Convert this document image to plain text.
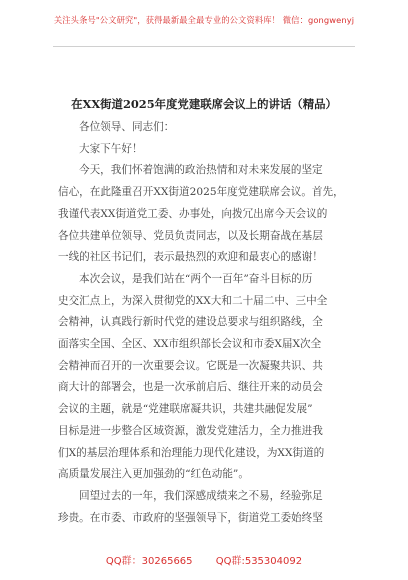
关注头条号"公文研究"，获得最新最全最专业的公文资料库！ 微信：gongwenyj
在XX街道2025年度党建联席会议上的讲话（精品）

各位领导、同志们：

大家下午好！

今天，我们怀着饱满的政治热情和对未来发展的坚定

信心，在此隆重召开XX街道2025年度党建联席会议。首先，

我谨代表XX街道党工委、办事处，向拨冗出席今天会议的

各位共建单位领导、党员负责同志，以及长期奋战在基层

一线的社区书记们，表示最热烈的欢迎和最衷心的感谢！

本次会议，是我们站在“两个一百年”奋斗目标的历

史交汇点上，为深入贯彻党的XX大和二十届二中、三中全

会精神，认真践行新时代党的建设总要求与组织路线，全

面落实全国、全区、XX市组织部长会议和市委X届X次全

会精神而召开的一次重要会议。它既是一次凝聚共识、共

商大计的部署会，也是一次承前启后、继往开来的动员会

会议的主题，就是“党建联席凝共识，共建共融促发展”

目标是进一步整合区域资源，激发党建活力，全力推进我

们X的基层治理体系和治理能力现代化建设，为XX街道的

高质量发展注入更加强劲的“红色动能”。

回望过去的一年，我们深感成绩来之不易，经验弥足

珍贵。在市委、市政府的坚强领导下，街道党工委始终坚

QQ群：30265665 QQ群:535304092
